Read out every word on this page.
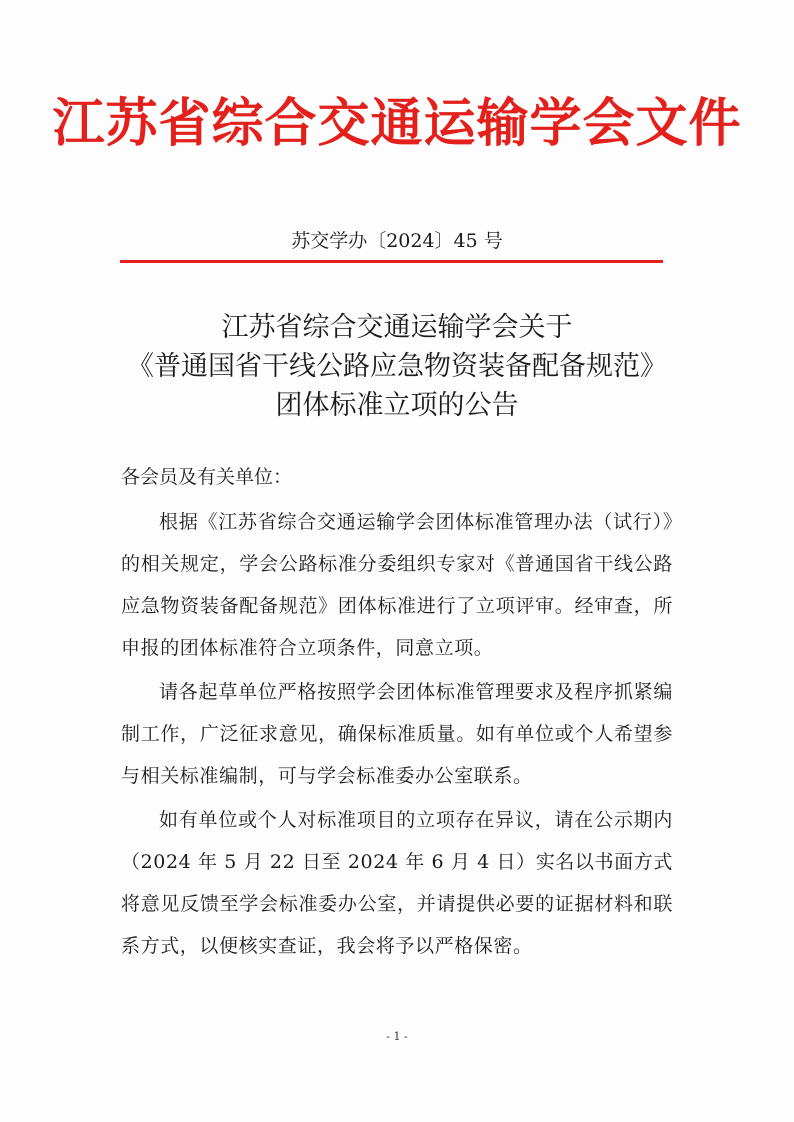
江苏省综合交通运输学会文件
苏交学办〔2024〕45 号
江苏省综合交通运输学会关于
《普通国省干线公路应急物资装备配备规范》
团体标准立项的公告
各会员及有关单位：

根据《江苏省综合交通运输学会团体标准管理办法（试行）》的相关规定，学会公路标准分委组织专家对《普通国省干线公路应急物资装备配备规范》团体标准进行了立项评审。经审查，所申报的团体标准符合立项条件，同意立项。

请各起草单位严格按照学会团体标准管理要求及程序抓紧编制工作，广泛征求意见，确保标准质量。如有单位或个人希望参与相关标准编制，可与学会标准委办公室联系。

如有单位或个人对标准项目的立项存在异议，请在公示期内（2024 年 5 月 22 日至 2024 年 6 月 4 日）实名以书面方式将意见反馈至学会标准委办公室，并请提供必要的证据材料和联系方式，以便核实查证，我会将予以严格保密。

- 1 -
